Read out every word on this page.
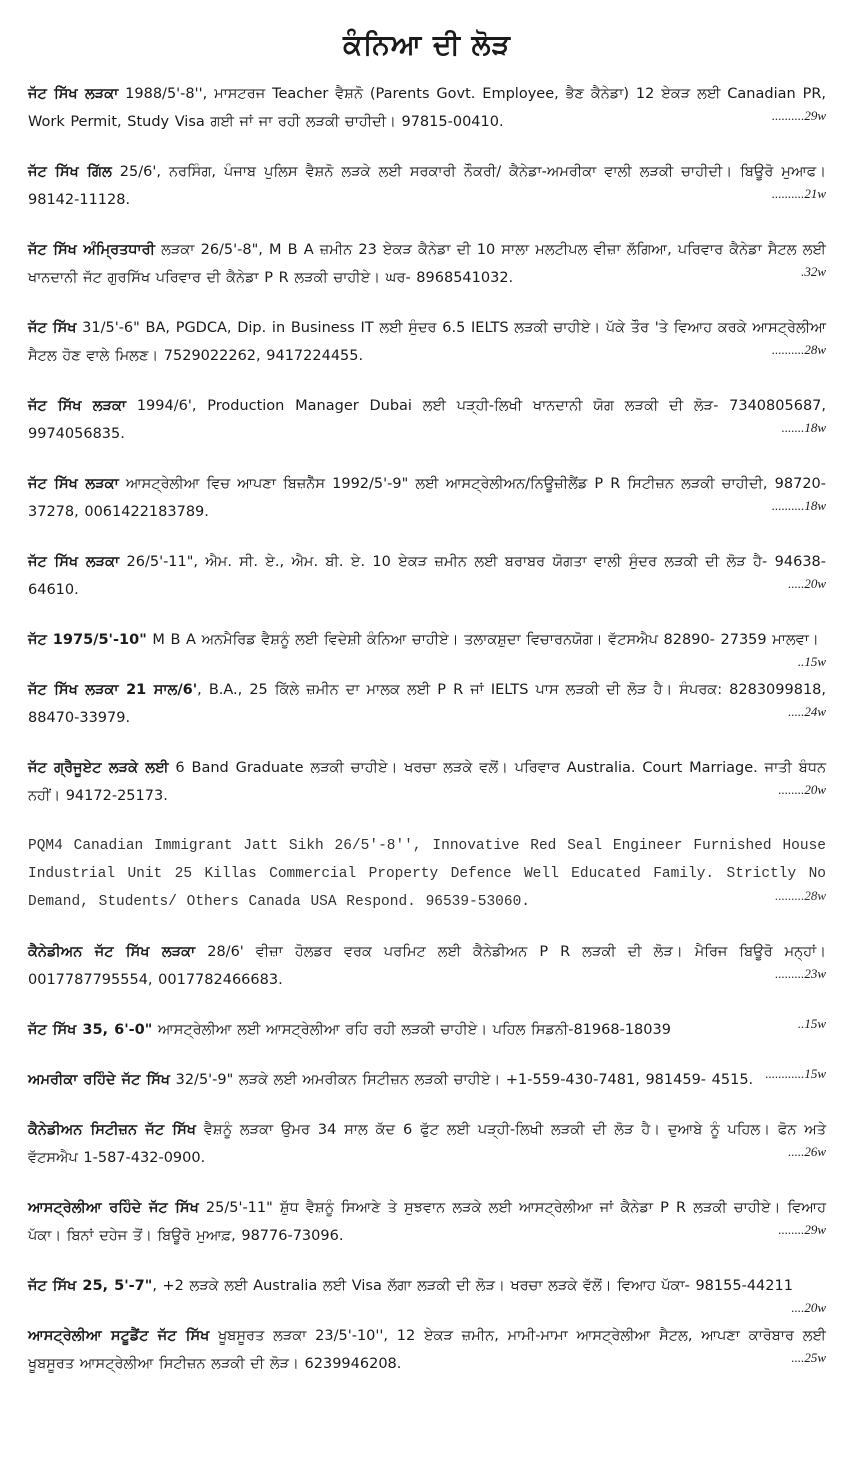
ਕੰਨਿਆ ਦੀ ਲੋੜ
ਜੱਟ ਸਿੱਖ ਲੜਕਾ 1988/5'-8'', ਮਾਸਟਰਜ Teacher ਵੈਸ਼ਨੋ (Parents Govt. Employee, ਭੈਣ ਕੈਨੇਡਾ) 12 ਏਕੜ ਲਈ Canadian PR, Work Permit, Study Visa ਗਈ ਜਾਂ ਜਾ ਰਹੀ ਲੜਕੀ ਚਾਹੀਦੀ। 97815-00410.	..........29w
ਜੱਟ ਸਿੱਖ ਗਿੱਲ 25/6', ਨਰਸਿੰਗ, ਪੰਜਾਬ ਪੁਲਿਸ ਵੈਸ਼ਨੋ ਲੜਕੇ ਲਈ ਸਰਕਾਰੀ ਨੌਕਰੀ/ ਕੈਨੇਡਾ-ਅਮਰੀਕਾ ਵਾਲੀ ਲੜਕੀ ਚਾਹੀਦੀ। ਬਿਊਰੋ ਮੁਆਫ। 98142-11128.	..........21w
ਜੱਟ ਸਿੱਖ ਅੰਮ੍ਰਿਤਧਾਰੀ ਲੜਕਾ 26/5'-8", M B A ਜ਼ਮੀਨ 23 ਏਕੜ ਕੈਨੇਡਾ ਦੀ 10 ਸਾਲਾ ਮਲਟੀਪਲ ਵੀਜ਼ਾ ਲੱਗਿਆ, ਪਰਿਵਾਰ ਕੈਨੇਡਾ ਸੈਟਲ ਲਈ ਖਾਨਦਾਨੀ ਜੱਟ ਗੁਰਸਿੱਖ ਪਰਿਵਾਰ ਦੀ ਕੈਨੇਡਾ P R ਲੜਕੀ ਚਾਹੀਏ। ਘਰ- 8968541032.	.32w
ਜੱਟ ਸਿੱਖ 31/5'-6" BA, PGDCA, Dip. in Business IT ਲਈ ਸੁੰਦਰ 6.5 IELTS ਲੜਕੀ ਚਾਹੀਏ। ਪੱਕੇ ਤੌਰ 'ਤੇ ਵਿਆਹ ਕਰਕੇ ਆਸਟ੍ਰੇਲੀਆ ਸੈਟਲ ਹੋਣ ਵਾਲੇ ਮਿਲਣ। 7529022262, 9417224455.	..........28w
ਜੱਟ ਸਿੱਖ ਲੜਕਾ 1994/6', Production Manager Dubai ਲਈ ਪੜ੍ਹੀ-ਲਿਖੀ ਖਾਨਦਾਨੀ ਯੋਗ ਲੜਕੀ ਦੀ ਲੋੜ- 7340805687, 9974056835.	.......18w
ਜੱਟ ਸਿੱਖ ਲੜਕਾ ਆਸਟ੍ਰੇਲੀਆ ਵਿਚ ਆਪਣਾ ਬਿਜ਼ਨੈੱਸ 1992/5'-9" ਲਈ ਆਸਟ੍ਰੇਲੀਅਨ/ਨਿਊਜ਼ੀਲੈਂਡ P R ਸਿਟੀਜ਼ਨ ਲੜਕੀ ਚਾਹੀਦੀ, 98720-37278, 0061422183789.	..........18w
ਜੱਟ ਸਿੱਖ ਲੜਕਾ 26/5'-11", ਐਮ. ਸੀ. ਏ., ਐਮ. ਬੀ. ਏ. 10 ਏਕੜ ਜ਼ਮੀਨ ਲਈ ਬਰਾਬਰ ਯੋਗਤਾ ਵਾਲੀ ਸੁੰਦਰ ਲੜਕੀ ਦੀ ਲੋੜ ਹੈ- 94638-64610.	.....20w
ਜੱਟ 1975/5'-10" M B A ਅਨਮੈਰਿਡ ਵੈਸ਼ਨੂੰ ਲਈ ਵਿਦੇਸ਼ੀ ਕੰਨਿਆ ਚਾਹੀਏ। ਤਲਾਕਸ਼ੁਦਾ ਵਿਚਾਰਨਯੋਗ। ਵੱਟਸਐਪ 82890- 27359 ਮਾਲਵਾ।
..15w
ਜੱਟ ਸਿੱਖ ਲੜਕਾ 21 ਸਾਲ/6', B.A., 25 ਕਿੱਲੇ ਜ਼ਮੀਨ ਦਾ ਮਾਲਕ ਲਈ P R ਜਾਂ IELTS ਪਾਸ ਲੜਕੀ ਦੀ ਲੋੜ ਹੈ। ਸੰਪਰਕ: 8283099818, 88470-33979.	.....24w
ਜੱਟ ਗ੍ਰੈਜੂਏਟ ਲੜਕੇ ਲਈ 6 Band Graduate ਲੜਕੀ ਚਾਹੀਏ। ਖਰਚਾ ਲੜਕੇ ਵਲੋਂ। ਪਰਿਵਾਰ Australia. Court Marriage. ਜਾਤੀ ਬੰਧਨ ਨਹੀਂ। 94172-25173.	........20w
PQM4 Canadian Immigrant Jatt Sikh 26/5'-8'', Innovative Red Seal Engineer Furnished House Industrial Unit 25 Killas Commercial Property Defence Well Educated Family. Strictly No Demand, Students/ Others Canada USA Respond. 96539-53060.	.........28w
ਕੈਨੇਡੀਅਨ ਜੱਟ ਸਿੱਖ ਲੜਕਾ 28/6' ਵੀਜ਼ਾ ਹੋਲਡਰ ਵਰਕ ਪਰਮਿਟ ਲਈ ਕੈਨੇਡੀਅਨ P R ਲੜਕੀ ਦੀ ਲੋੜ। ਮੈਰਿਜ ਬਿਊਰੋ ਮਨ੍ਹਾਂ। 0017787795554, 0017782466683.	.........23w
ਜੱਟ ਸਿੱਖ 35, 6'-0" ਆਸਟ੍ਰੇਲੀਆ ਲਈ ਆਸਟ੍ਰੇਲੀਆ ਰਹਿ ਰਹੀ ਲੜਕੀ ਚਾਹੀਏ। ਪਹਿਲ ਸਿਡਨੀ-81968-18039	..15w
ਅਮਰੀਕਾ ਰਹਿੰਦੇ ਜੱਟ ਸਿੱਖ 32/5'-9" ਲੜਕੇ ਲਈ ਅਮਰੀਕਨ ਸਿਟੀਜ਼ਨ ਲੜਕੀ ਚਾਹੀਏ। +1-559-430-7481, 981459- 4515. ............15w
ਕੈਨੇਡੀਅਨ ਸਿਟੀਜ਼ਨ ਜੱਟ ਸਿੱਖ ਵੈਸ਼ਨੂੰ ਲੜਕਾ ਉਮਰ 34 ਸਾਲ ਕੱਦ 6 ਫੁੱਟ ਲਈ ਪੜ੍ਹੀ-ਲਿਖੀ ਲੜਕੀ ਦੀ ਲੋੜ ਹੈ। ਦੁਆਬੇ ਨੂੰ ਪਹਿਲ। ਫੋਨ ਅਤੇ ਵੱਟਸਐਪ 1-587-432-0900.	.....26w
ਆਸਟ੍ਰੇਲੀਆ ਰਹਿੰਦੇ ਜੱਟ ਸਿੱਖ 25/5'-11" ਸ਼ੁੱਧ ਵੈਸ਼ਨੂੰ ਸਿਆਣੇ ਤੇ ਸੁਝਵਾਨ ਲੜਕੇ ਲਈ ਆਸਟ੍ਰੇਲੀਆ ਜਾਂ ਕੈਨੇਡਾ P R ਲੜਕੀ ਚਾਹੀਏ। ਵਿਆਹ ਪੱਕਾ। ਬਿਨਾਂ ਦਹੇਜ ਤੋਂ। ਬਿਊਰੋ ਮੁਆਫ਼, 98776-73096.	........29w
ਜੱਟ ਸਿੱਖ 25, 5'-7", +2 ਲੜਕੇ ਲਈ Australia ਲਈ Visa ਲੱਗਾ ਲੜਕੀ ਦੀ ਲੋੜ। ਖਰਚਾ ਲੜਕੇ ਵੱਲੋਂ। ਵਿਆਹ ਪੱਕਾ- 98155-44211
....20w
ਆਸਟ੍ਰੇਲੀਆ ਸਟੂਡੈਂਟ ਜੱਟ ਸਿੱਖ ਖੂਬਸੂਰਤ ਲੜਕਾ 23/5'-10'', 12 ਏਕੜ ਜ਼ਮੀਨ, ਮਾਮੀ-ਮਾਮਾ ਆਸਟ੍ਰੇਲੀਆ ਸੈਟਲ, ਆਪਣਾ ਕਾਰੋਬਾਰ ਲਈ ਖੂਬਸੂਰਤ ਆਸਟ੍ਰੇਲੀਆ ਸਿਟੀਜ਼ਨ ਲੜਕੀ ਦੀ ਲੋੜ। 6239946208.	....25w
